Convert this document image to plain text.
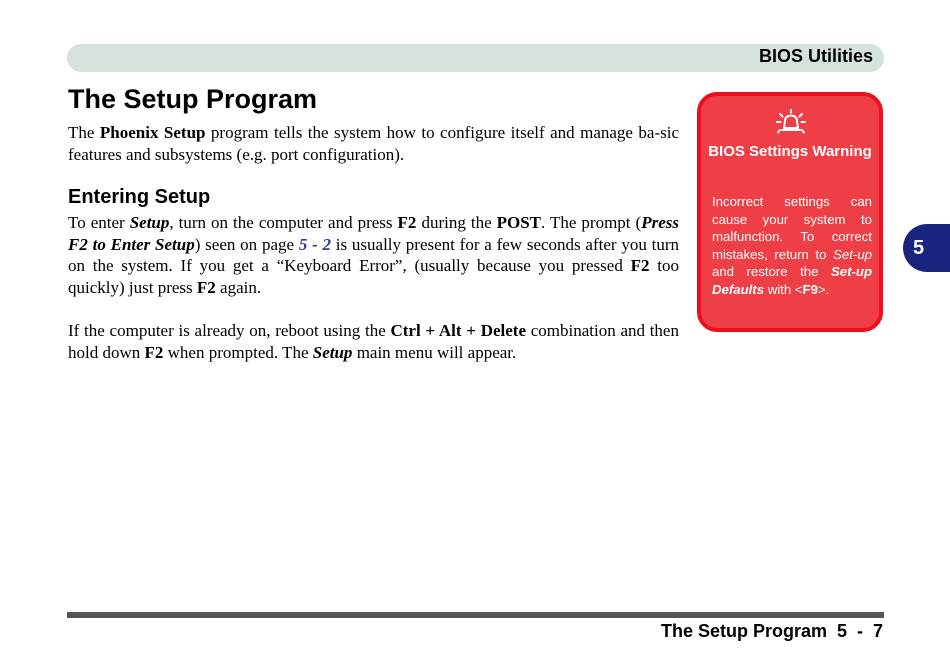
BIOS Utilities
The Setup Program

The Phoenix Setup program tells the system how to configure itself and manage ba-sic features and subsystems (e.g. port configuration).

Entering Setup

To enter Setup, turn on the computer and press F2 during the POST. The prompt (Press F2 to Enter Setup) seen on page 5 - 2 is usually present for a few seconds after you turn on the system. If you get a “Keyboard Error”, (usually because you pressed F2 too quickly) just press F2 again.

If the computer is already on, reboot using the Ctrl + Alt + Delete combination and then hold down F2 when prompted. The Setup main menu will appear.

BIOS Settings Warning

Incorrect settings can cause your system to malfunction. To correct mistakes, return to Set-up and restore the Set-up Defaults with <F9>.

5
The Setup Program  5  -  7
